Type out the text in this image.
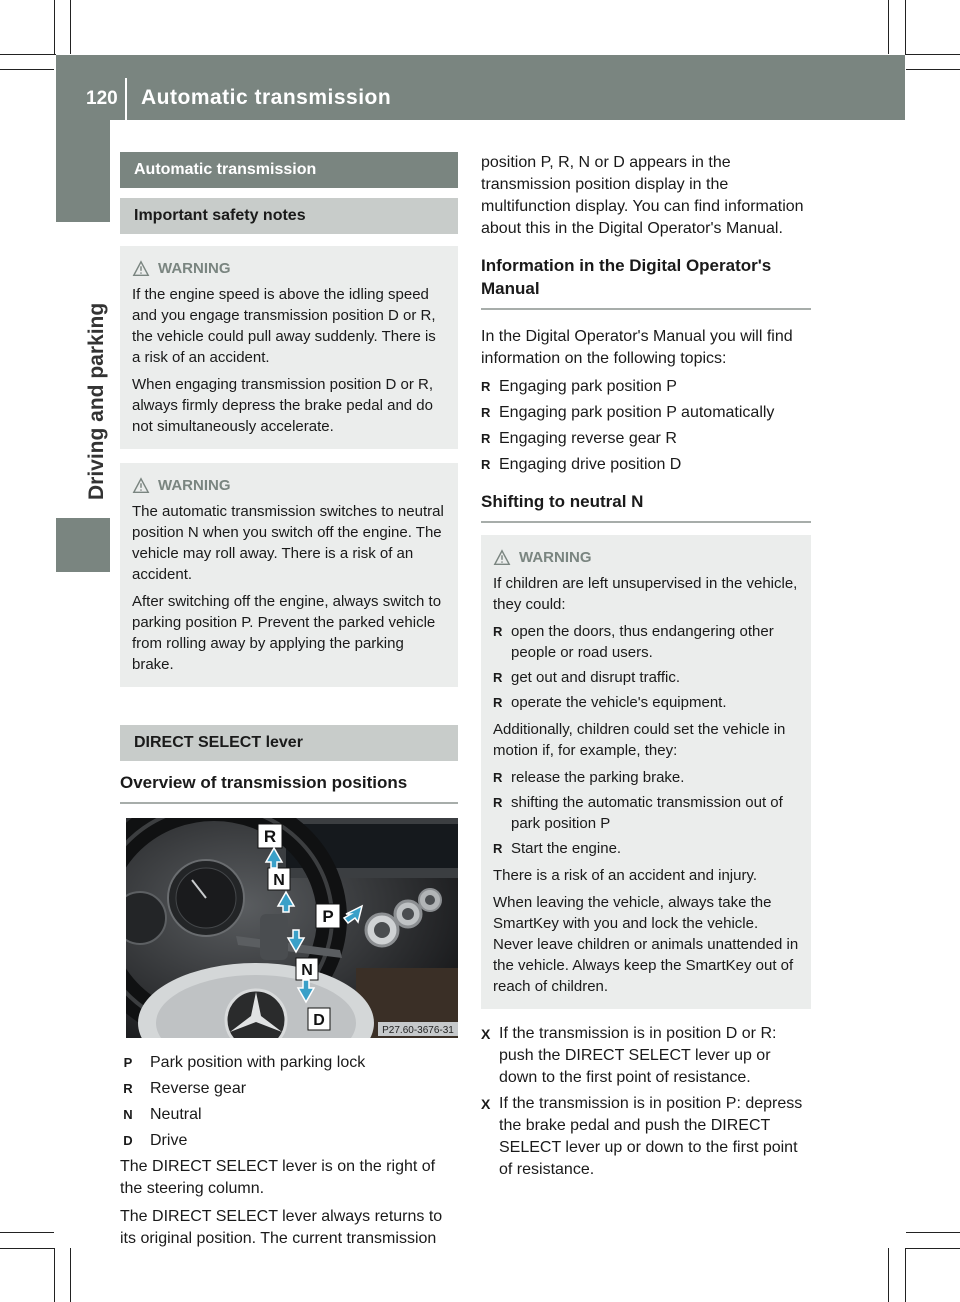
120 Automatic transmission
Driving and parking
Automatic transmission
Important safety notes
WARNING

If the engine speed is above the idling speed and you engage transmission position D or R, the vehicle could pull away suddenly. There is a risk of an accident.

When engaging transmission position D or R, always firmly depress the brake pedal and do not simultaneously accelerate.

WARNING

The automatic transmission switches to neutral position N when you switch off the engine. The vehicle may roll away. There is a risk of an accident.

After switching off the engine, always switch to parking position P. Prevent the parked vehicle from rolling away by applying the parking brake.

DIRECT SELECT lever
Overview of transmission positions
R
N
P
N
D
P27.60-3676-31
P Park position with parking lock
R Reverse gear
N Neutral
D Drive

The DIRECT SELECT lever is on the right of the steering column.

The DIRECT SELECT lever always returns to its original position. The current transmission

position P, R, N or D appears in the transmission position display in the multifunction display. You can find information about this in the Digital Operator's Manual.

Information in the Digital Operator's Manual

In the Digital Operator's Manual you will find information on the following topics:

R Engaging park position P
R Engaging park position P automatically
R Engaging reverse gear R
R Engaging drive position D
Shifting to neutral N
WARNING

If children are left unsupervised in the vehicle, they could:

R open the doors, thus endangering other people or road users.
R get out and disrupt traffic.
R operate the vehicle's equipment.

Additionally, children could set the vehicle in motion if, for example, they:

R release the parking brake.
R shifting the automatic transmission out of park position P
R Start the engine.

There is a risk of an accident and injury.

When leaving the vehicle, always take the SmartKey with you and lock the vehicle. Never leave children or animals unattended in the vehicle. Always keep the SmartKey out of reach of children.

X If the transmission is in position D or R: push the DIRECT SELECT lever up or down to the first point of resistance.
X If the transmission is in position P: depress the brake pedal and push the DIRECT SELECT lever up or down to the first point of resistance.
